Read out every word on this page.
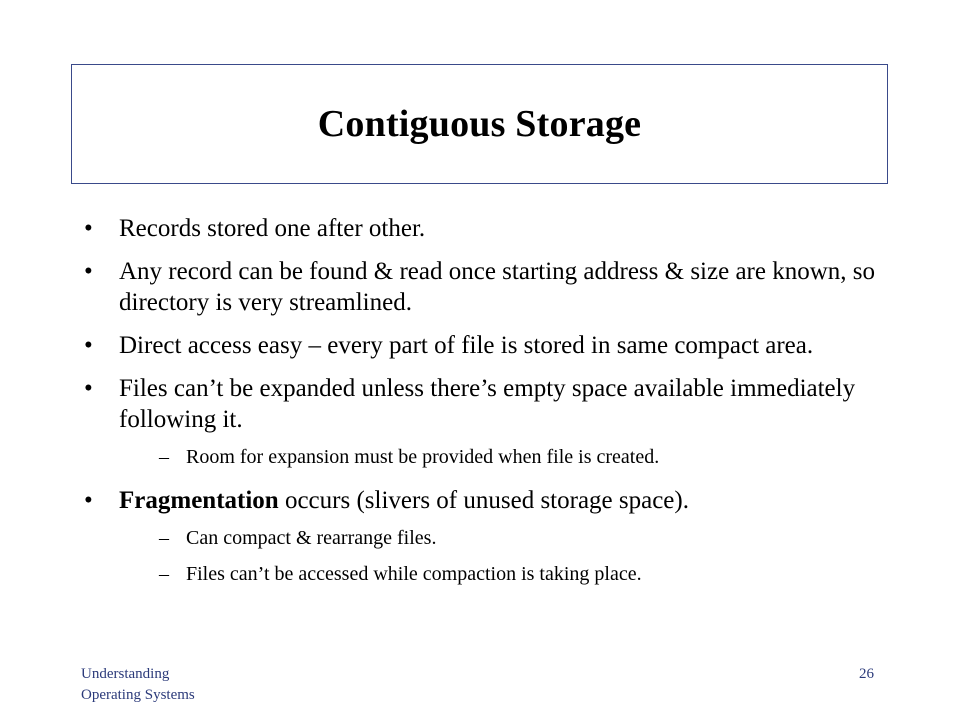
Contiguous Storage
•	Records stored one after other.
•	Any record can be found & read once starting address & size are known, so directory is very streamlined.
•	Direct access easy – every part of file is stored in same compact area.
•	Files can’t be expanded unless there’s empty space available immediately following it.
– Room for expansion must be provided when file is created.
•	Fragmentation occurs (slivers of unused storage space).
– Can compact & rearrange files.
– Files can’t be accessed while compaction is taking place.
Understanding
Operating Systems
26
